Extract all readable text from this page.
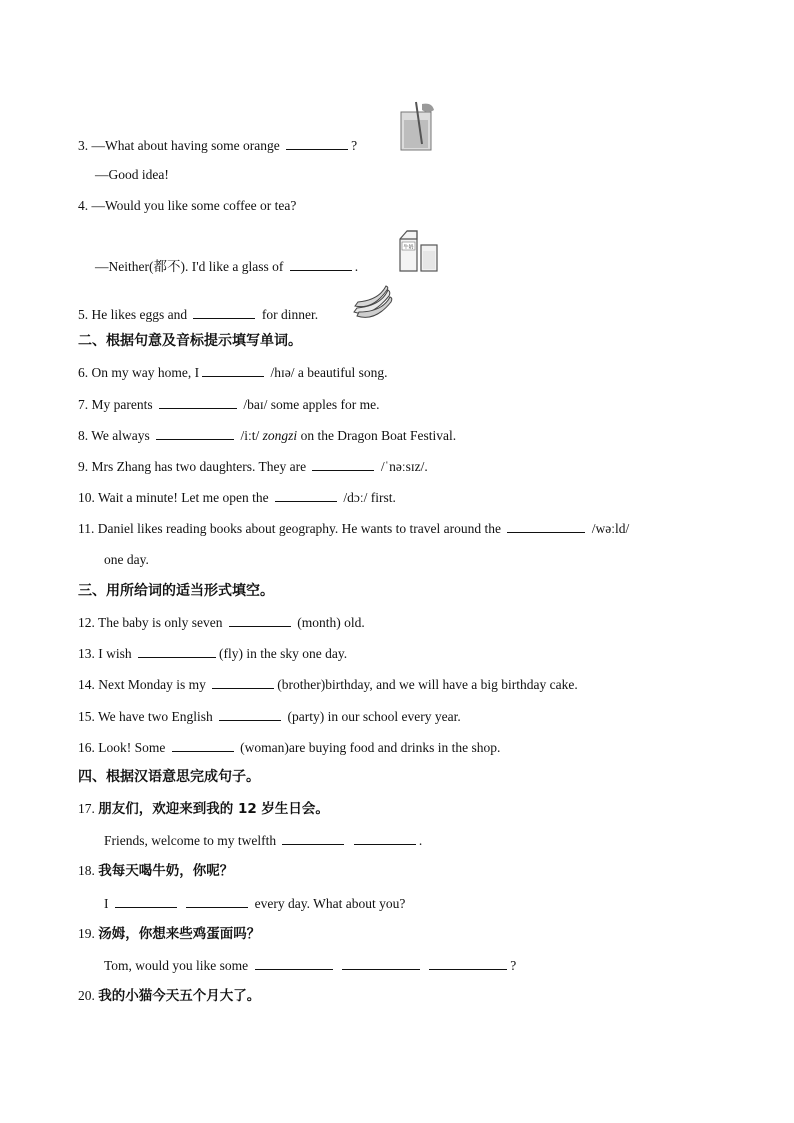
3. —What about having some orange	?
—Good idea!
4. —Would you like some coffee or tea?
—Neither(都不). I'd like a glass of	.
牛奶
5. He likes eggs and	for dinner.
二、根据句意及音标提示填写单词。
6. On my way home, I	/hɪə/ a beautiful song.
7. My parents	/baɪ/ some apples for me.
8. We always	/iːt/ zongzi on the Dragon Boat Festival.
9. Mrs Zhang has two daughters. They are	/ˈnəːsɪz/.
10. Wait a minute! Let me open the	/dɔː/ first.
11. Daniel likes reading books about geography. He wants to travel around the	/wəːld/
one day.
三、用所给词的适当形式填空。
12. The baby is only seven	(month) old.
13. I wish	(fly) in the sky one day.
14. Next Monday is my	(brother)birthday, and we will have a big birthday cake.
15. We have two English	(party) in our school every year.
16. Look! Some	(woman)are buying food and drinks in the shop.
四、根据汉语意思完成句子。
17. 朋友们，欢迎来到我的 12 岁生日会。
Friends, welcome to my twelfth	.
18. 我每天喝牛奶，你呢？
I	every day. What about you?
19. 汤姆，你想来些鸡蛋面吗？
Tom, would you like some	?
20. 我的小猫今天五个月大了。
